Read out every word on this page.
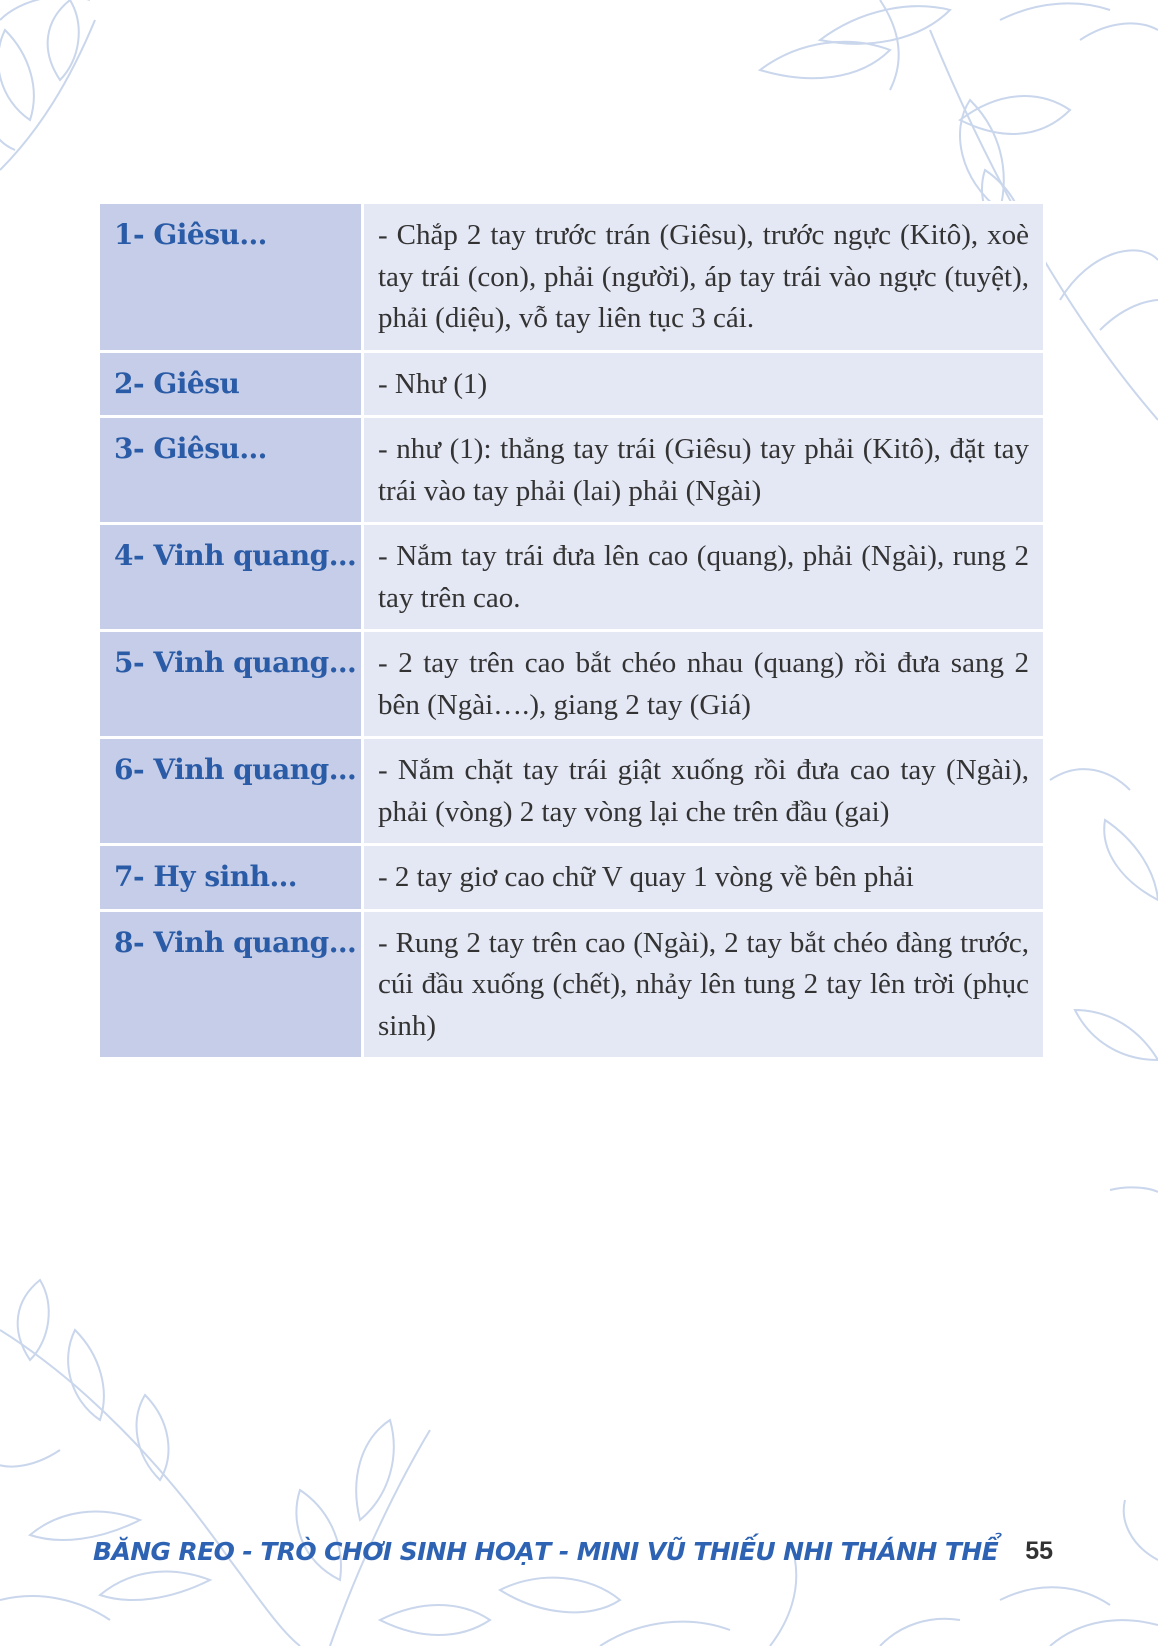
1- Giêsu…	- Chắp 2 tay trước trán (Giêsu), trước ngực (Kitô), xoè tay trái (con), phải (người), áp tay trái vào ngực (tuyệt), phải (diệu), vỗ tay liên tục 3 cái.
2- Giêsu	- Như (1)
3- Giêsu…	- như (1): thẳng tay trái (Giêsu) tay phải (Kitô), đặt tay trái vào tay phải (lai) phải (Ngài)
4- Vinh quang…	- Nắm tay trái đưa lên cao (quang), phải (Ngài), rung 2 tay trên cao.
5- Vinh quang…	- 2 tay trên cao bắt chéo nhau (quang) rồi đưa sang 2 bên (Ngài….), giang 2 tay (Giá)
6- Vinh quang…	- Nắm chặt tay trái giật xuống rồi đưa cao tay (Ngài), phải (vòng) 2 tay vòng lại che trên đầu (gai)
7- Hy sinh…	- 2 tay giơ cao chữ V quay 1 vòng về bên phải
8- Vinh quang…	- Rung 2 tay trên cao (Ngài), 2 tay bắt chéo đàng trước, cúi đầu xuống (chết), nhảy lên tung 2 tay lên trời (phục sinh)
BĂNG REO - TRÒ CHƠI SINH HOẠT - MINI VŨ THIẾU NHI THÁNH THỂ 55
